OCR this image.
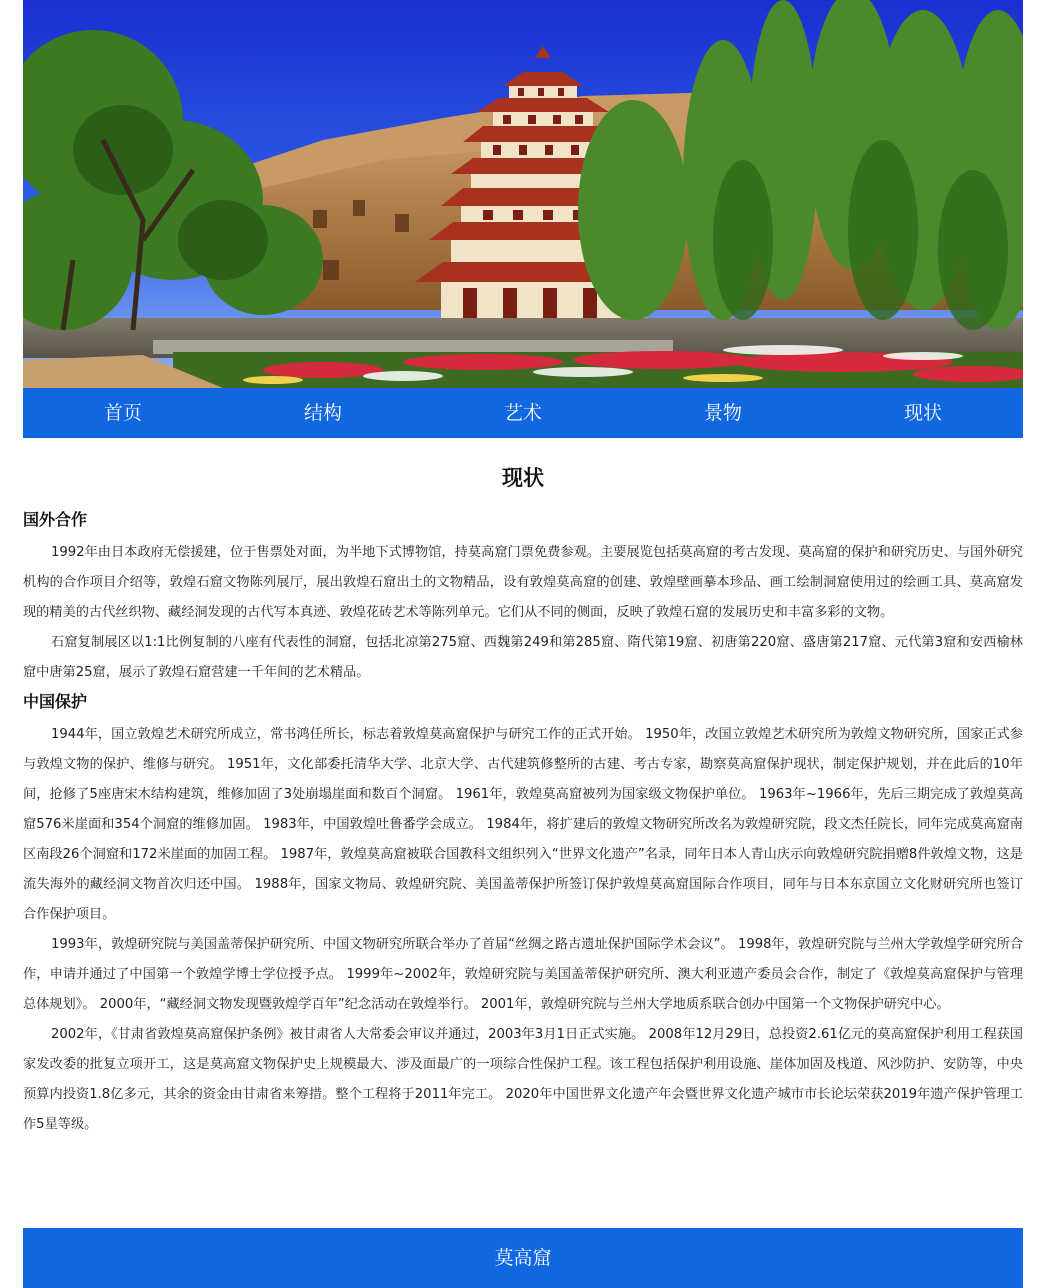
首页	结构	艺术	景物	现状
现状
国外合作

1992年由日本政府无偿援建，位于售票处对面，为半地下式博物馆，持莫高窟门票免费参观。主要展览包括莫高窟的考古发现、莫高窟的保护和研究历史、与国外研究机构的合作项目介绍等，敦煌石窟文物陈列展厅，展出敦煌石窟出土的文物精品，设有敦煌莫高窟的创建、敦煌壁画摹本珍品、画工绘制洞窟使用过的绘画工具、莫高窟发现的精美的古代丝织物、藏经洞发现的古代写本真迹、敦煌花砖艺术等陈列单元。它们从不同的侧面，反映了敦煌石窟的发展历史和丰富多彩的文物。

石窟复制展区以1:1比例复制的八座有代表性的洞窟，包括北凉第275窟、西魏第249和第285窟、隋代第19窟、初唐第220窟、盛唐第217窟、元代第3窟和安西榆林窟中唐第25窟，展示了敦煌石窟营建一千年间的艺术精品。

中国保护

1944年，国立敦煌艺术研究所成立，常书鸿任所长，标志着敦煌莫高窟保护与研究工作的正式开始。 1950年，改国立敦煌艺术研究所为敦煌文物研究所，国家正式参与敦煌文物的保护、维修与研究。 1951年，文化部委托清华大学、北京大学、古代建筑修整所的古建、考古专家，勘察莫高窟保护现状，制定保护规划，并在此后的10年间，抢修了5座唐宋木结构建筑，维修加固了3处崩塌崖面和数百个洞窟。 1961年，敦煌莫高窟被列为国家级文物保护单位。 1963年~1966年，先后三期完成了敦煌莫高窟576米崖面和354个洞窟的维修加固。 1983年，中国敦煌吐鲁番学会成立。 1984年，将扩建后的敦煌文物研究所改名为敦煌研究院，段文杰任院长，同年完成莫高窟南区南段26个洞窟和172米崖面的加固工程。 1987年，敦煌莫高窟被联合国教科文组织列入“世界文化遗产”名录，同年日本人青山庆示向敦煌研究院捐赠8件敦煌文物，这是流失海外的藏经洞文物首次归还中国。 1988年，国家文物局、敦煌研究院、美国盖蒂保护所签订保护敦煌莫高窟国际合作项目，同年与日本东京国立文化财研究所也签订合作保护项目。

1993年，敦煌研究院与美国盖蒂保护研究所、中国文物研究所联合举办了首届“丝绸之路古遗址保护国际学术会议”。 1998年，敦煌研究院与兰州大学敦煌学研究所合作，申请并通过了中国第一个敦煌学博士学位授予点。 1999年~2002年，敦煌研究院与美国盖蒂保护研究所、澳大利亚遗产委员会合作，制定了《敦煌莫高窟保护与管理总体规划》。 2000年，“藏经洞文物发现暨敦煌学百年”纪念活动在敦煌举行。 2001年，敦煌研究院与兰州大学地质系联合创办中国第一个文物保护研究中心。

2002年，《甘肃省敦煌莫高窟保护条例》被甘肃省人大常委会审议并通过，2003年3月1日正式实施。 2008年12月29日，总投资2.61亿元的莫高窟保护利用工程获国家发改委的批复立项开工，这是莫高窟文物保护史上规模最大、涉及面最广的一项综合性保护工程。该工程包括保护利用设施、崖体加固及栈道、风沙防护、安防等，中央预算内投资1.8亿多元，其余的资金由甘肃省来筹措。整个工程将于2011年完工。 2020年中国世界文化遗产年会暨世界文化遗产城市市长论坛荣获2019年遗产保护管理工作5星等级。

莫高窟
